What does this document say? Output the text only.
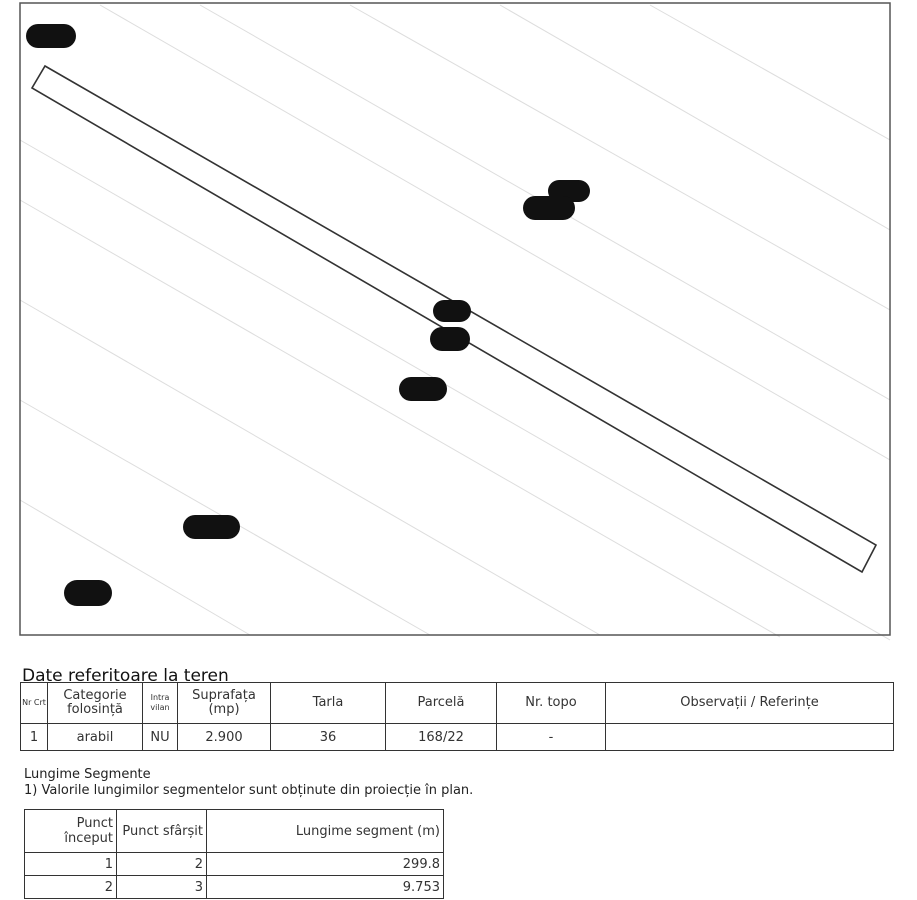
Date referitoare la teren
Nr Crt	Categorie folosință	Intra vilan	Suprafața (mp)	Tarla	Parcelă	Nr. topo	Observații / Referințe
1	arabil	NU	2.900	36	168/22	-	
Lungime Segmente
1) Valorile lungimilor segmentelor sunt obținute din proiecție în plan.
Punct început	Punct sfârșit	Lungime segment (m)
1	2	299.8
2	3	9.753
